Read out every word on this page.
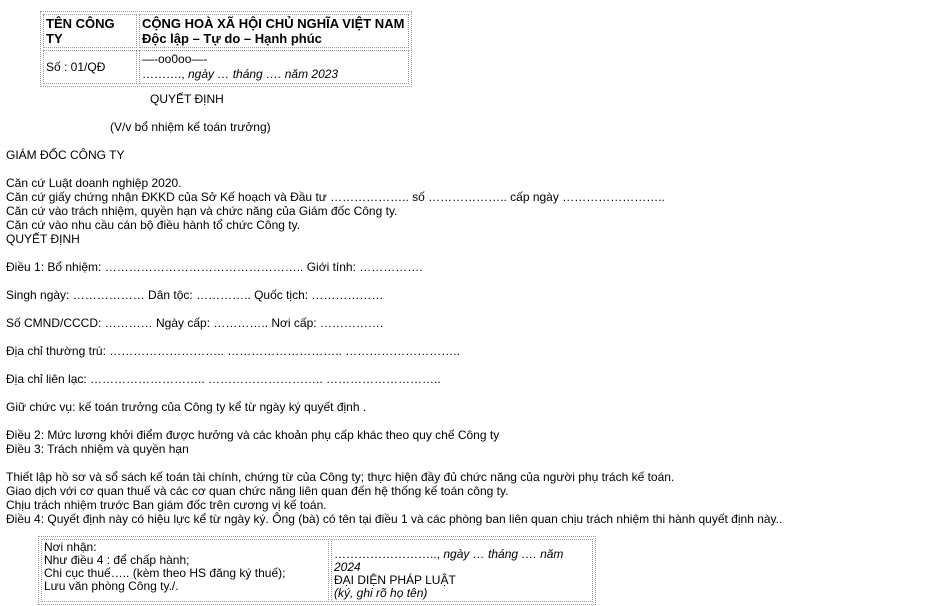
TÊN CÔNG TY	CỘNG HOÀ XÃ HỘI CHỦ NGHĨA VIỆT NAM
Độc lập – Tự do – Hạnh phúc

Số : 01/QĐ	—-oo0oo—-
………., ngày … tháng …. năm 2023
QUYẾT ĐỊNH
(V/v bổ nhiệm kế toán trưởng)
GIÁM ĐỐC CÔNG TY
Căn cứ Luật doanh nghiệp 2020.
Căn cứ giấy chứng nhận ĐKKD của Sở Kế hoạch và Đầu tư ……………….. số ……………….. cấp ngày ……………………..
Căn cứ vào trách nhiệm, quyền hạn và chức năng của Giám đốc Công ty.
Căn cứ vào nhu cầu cán bộ điều hành tổ chức Công ty.
QUYẾT ĐỊNH
Điều 1: Bổ nhiệm: ………………………………………….. Giới tính: …………….
Singh ngày: ……………… Dân tộc: ………….. Quốc tịch: ………………
Số CMND/CCCD: ………… Ngày cấp: ………….. Nơi cấp: …………….
Địa chỉ thường trú: ……………………….. ……………………….. ………………………..
Địa chỉ liên lạc: ……………………….. ……………………….. ………………………..
Giữ chức vụ: kế toán trưởng của Công ty kể từ ngày ký quyết định .
Điều 2: Mức lương khởi điểm được hưởng và các khoản phụ cấp khác theo quy chế Công ty
Điều 3: Trách nhiệm và quyền hạn
Thiết lập hồ sơ và sổ sách kế toán tài chính, chứng từ của Công ty; thực hiện đầy đủ chức năng của người phụ trách kế toán.
Giao dịch với cơ quan thuế và các cơ quan chức năng liên quan đến hệ thống kế toán công ty.
Chịu trách nhiệm trước Ban giám đốc trên cương vị kế toán.
Điều 4: Quyết định này có hiệu lực kể từ ngày ký. Ông (bà) có tên tại điều 1 và các phòng ban liên quan chịu trách nhiệm thi hành quyết định này..
Nơi nhận:
Như điều 4 : để chấp hành;
Chi cục thuế….. (kèm theo HS đăng ký thuế);
Lưu văn phòng Công ty./.

…………………….., ngày … tháng …. năm 2024
ĐẠI DIỆN PHÁP LUẬT
(ký, ghi rõ họ tên)
